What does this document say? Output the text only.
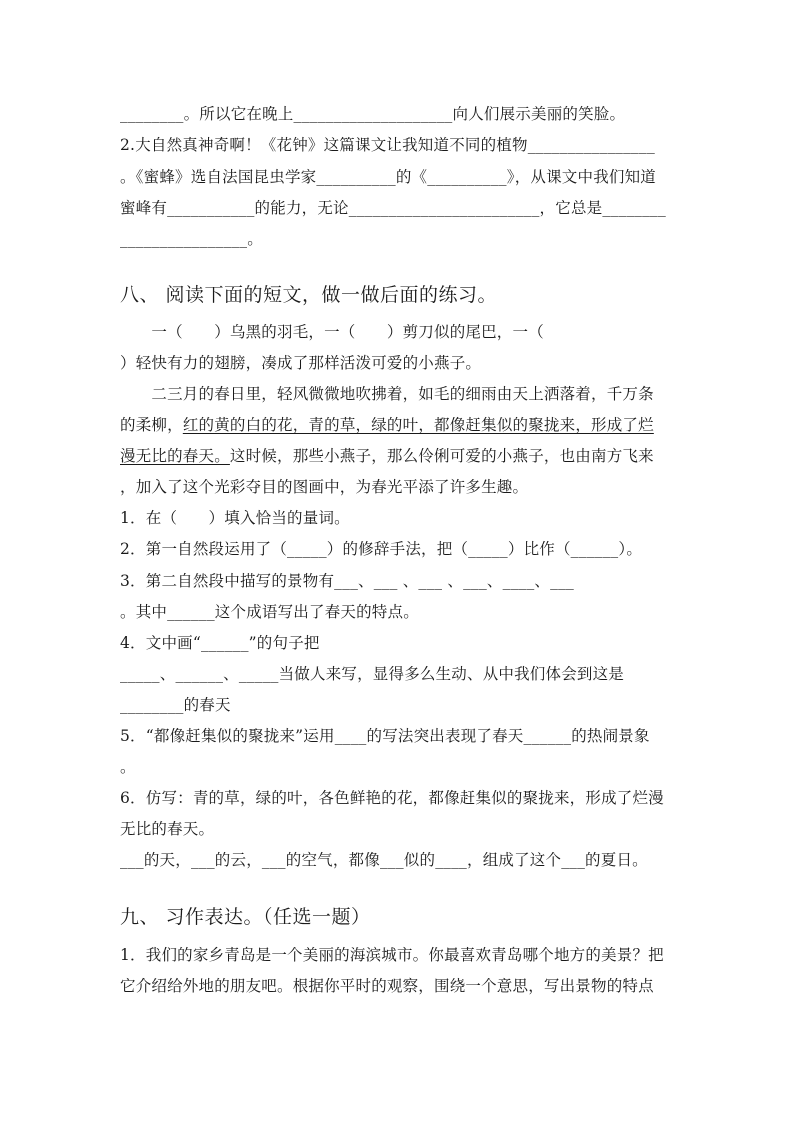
________。所以它在晚上____________________向人们展示美丽的笑脸。
2.大自然真神奇啊！《花钟》这篇课文让我知道不同的植物________________
。《蜜蜂》选自法国昆虫学家__________的《__________》，从课文中我们知道
蜜峰有___________的能力，无论________________________，它总是________
________________。
八、 阅读下面的短文，做一做后面的练习。
　　一（　　）乌黑的羽毛，一（　　）剪刀似的尾巴，一（
）轻快有力的翅膀，凑成了那样活泼可爱的小燕子。
　　二三月的春日里，轻风微微地吹拂着，如毛的细雨由天上洒落着，千万条
的柔柳，红的黄的白的花，青的草，绿的叶，都像赶集似的聚拢来，形成了烂
漫无比的春天。这时候，那些小燕子，那么伶俐可爱的小燕子，也由南方飞来
，加入了这个光彩夺目的图画中，为春光平添了许多生趣。
1．在（　　）填入恰当的量词。
2．第一自然段运用了（_____）的修辞手法，把（_____）比作（______）。
3．第二自然段中描写的景物有___、___ 、___ 、___、____、___
。其中______这个成语写出了春天的特点。
4．文中画“______”的句子把
_____、______、_____当做人来写，显得多么生动、从中我们体会到这是
________的春天
5．“都像赶集似的聚拢来”运用____的写法突出表现了春天______的热闹景象
。
6．仿写：青的草，绿的叶，各色鲜艳的花，都像赶集似的聚拢来，形成了烂漫
无比的春天。
___的天，___的云，___的空气，都像___似的____，组成了这个___的夏日。
九、 习作表达。（任选一题）
1．我们的家乡青岛是一个美丽的海滨城市。你最喜欢青岛哪个地方的美景？把
它介绍给外地的朋友吧。根据你平时的观察，围绕一个意思，写出景物的特点
